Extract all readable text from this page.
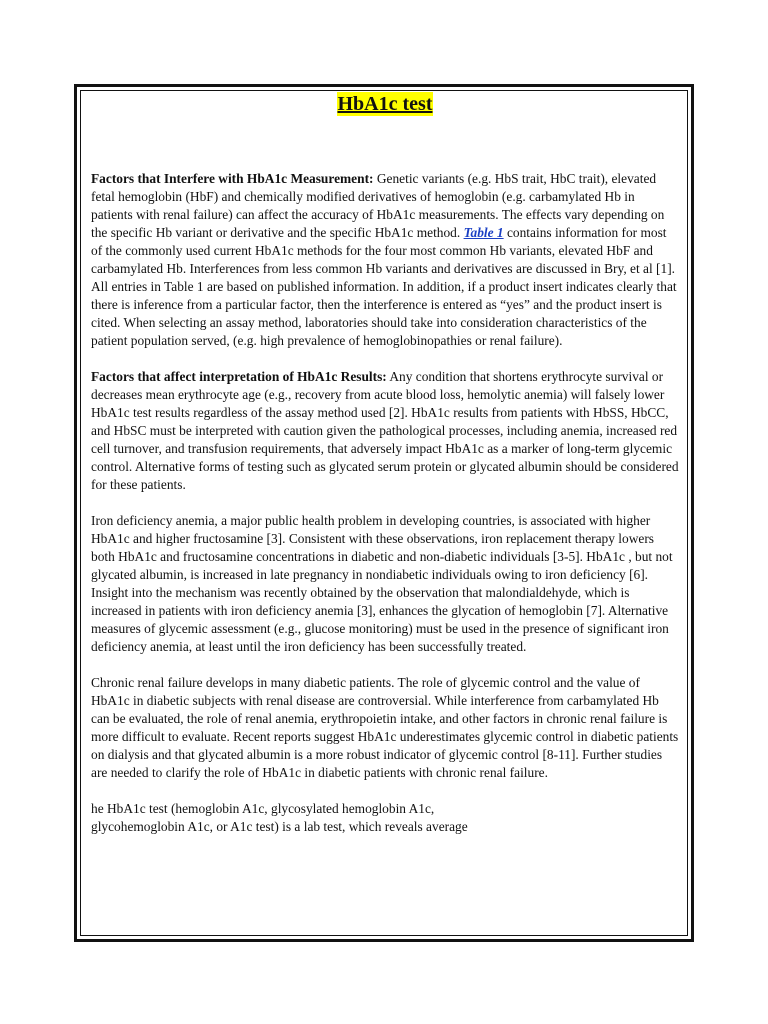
HbA1c test

Factors that Interfere with HbA1c Measurement: Genetic variants (e.g. HbS trait, HbC trait), elevated fetal hemoglobin (HbF) and chemically modified derivatives of hemoglobin (e.g. carbamylated Hb in patients with renal failure) can affect the accuracy of HbA1c measurements. The effects vary depending on the specific Hb variant or derivative and the specific HbA1c method. Table 1 contains information for most of the commonly used current HbA1c methods for the four most common Hb variants, elevated HbF and carbamylated Hb. Interferences from less common Hb variants and derivatives are discussed in Bry, et al [1]. All entries in Table 1 are based on published information. In addition, if a product insert indicates clearly that there is inference from a particular factor, then the interference is entered as “yes” and the product insert is cited. When selecting an assay method, laboratories should take into consideration characteristics of the patient population served, (e.g. high prevalence of hemoglobinopathies or renal failure).

Factors that affect interpretation of HbA1c Results: Any condition that shortens erythrocyte survival or decreases mean erythrocyte age (e.g., recovery from acute blood loss, hemolytic anemia) will falsely lower HbA1c test results regardless of the assay method used [2]. HbA1c results from patients with HbSS, HbCC, and HbSC must be interpreted with caution given the pathological processes, including anemia, increased red cell turnover, and transfusion requirements, that adversely impact HbA1c as a marker of long-term glycemic control. Alternative forms of testing such as glycated serum protein or glycated albumin should be considered for these patients.

Iron deficiency anemia, a major public health problem in developing countries, is associated with higher HbA1c and higher fructosamine [3]. Consistent with these observations, iron replacement therapy lowers both HbA1c and fructosamine concentrations in diabetic and non-diabetic individuals [3-5]. HbA1c , but not glycated albumin, is increased in late pregnancy in nondiabetic individuals owing to iron deficiency [6]. Insight into the mechanism was recently obtained by the observation that malondialdehyde, which is increased in patients with iron deficiency anemia [3], enhances the glycation of hemoglobin [7]. Alternative measures of glycemic assessment (e.g., glucose monitoring) must be used in the presence of significant iron deficiency anemia, at least until the iron deficiency has been successfully treated.

Chronic renal failure develops in many diabetic patients. The role of glycemic control and the value of HbA1c in diabetic subjects with renal disease are controversial. While interference from carbamylated Hb can be evaluated, the role of renal anemia, erythropoietin intake, and other factors in chronic renal failure is more difficult to evaluate. Recent reports suggest HbA1c underestimates glycemic control in diabetic patients on dialysis and that glycated albumin is a more robust indicator of glycemic control [8-11]. Further studies are needed to clarify the role of HbA1c in diabetic patients with chronic renal failure.

he HbA1c test (hemoglobin A1c, glycosylated hemoglobin A1c,

glycohemoglobin A1c, or A1c test) is a lab test, which reveals average
